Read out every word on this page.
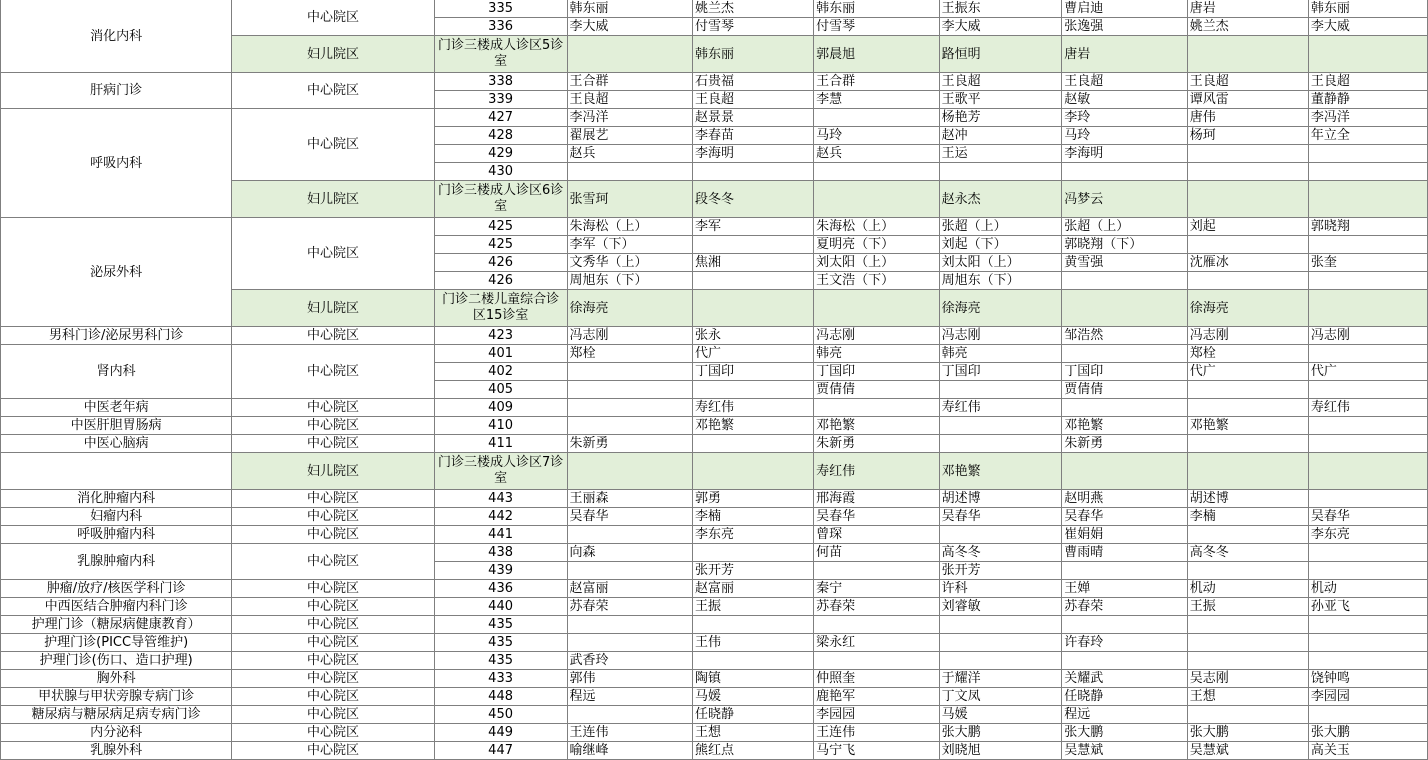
消化内科	中心院区	335	韩东丽	姚兰杰	韩东丽	王振东	曹启迪	唐岩	韩东丽
		336	李大威	付雪琴	付雪琴	李大威	张逸强	姚兰杰	李大威
	妇儿院区	门诊三楼成人诊区5诊室		韩东丽	郭晨旭	路恒明	唐岩		
肝病门诊	中心院区	338	王合群	石贵福	王合群	王良超	王良超	王良超	王良超
		339	王良超	王良超	李慧	王歌平	赵敏	谭风雷	董静静
呼吸内科	中心院区	427	李冯洋	赵景景		杨艳芳	李玲	唐伟	李冯洋
		428	翟展艺	李春苗	马玲	赵冲	马玲	杨珂	年立全
		429	赵兵	李海明	赵兵	王运	李海明		
		430							
	妇儿院区	门诊三楼成人诊区6诊室	张雪珂	段冬冬		赵永杰	冯梦云		
泌尿外科	中心院区	425	朱海松（上）	李军	朱海松（上）	张超（上）	张超（上）	刘起	郭晓翔
		425	李军（下）		夏明亮（下）	刘起（下）	郭晓翔（下）		
		426	文秀华（上）	焦湘	刘太阳（上）	刘太阳（上）	黄雪强	沈雁冰	张奎
		426	周旭东（下）		王文浩（下）	周旭东（下）			
	妇儿院区	门诊二楼儿童综合诊区15诊室	徐海亮			徐海亮		徐海亮	
男科门诊/泌尿男科门诊	中心院区	423	冯志刚	张永	冯志刚	冯志刚	邹浩然	冯志刚	冯志刚
肾内科	中心院区	401	郑栓	代广	韩亮	韩亮		郑栓	
		402		丁国印	丁国印	丁国印	丁国印	代广	代广
		405			贾倩倩		贾倩倩		
中医老年病	中心院区	409		寿红伟		寿红伟			寿红伟
中医肝胆胃肠病	中心院区	410		邓艳繁	邓艳繁		邓艳繁	邓艳繁	
中医心脑病	中心院区	411	朱新勇		朱新勇		朱新勇		
	妇儿院区	门诊三楼成人诊区7诊室			寿红伟	邓艳繁			
消化肿瘤内科	中心院区	443	王丽森	郭勇	邢海霞	胡述博	赵明燕	胡述博	
妇瘤内科	中心院区	442	吴春华	李楠	吴春华	吴春华	吴春华	李楠	吴春华
呼吸肿瘤内科	中心院区	441		李东亮	曾琛		崔娟娟		李东亮
乳腺肿瘤内科	中心院区	438	向森		何苗	高冬冬	曹雨晴	高冬冬	
		439		张开芳		张开芳			
肿瘤/放疗/核医学科门诊	中心院区	436	赵富丽	赵富丽	秦宁	许科	王婵	机动	机动
中西医结合肿瘤内科门诊	中心院区	440	苏春荣	王振	苏春荣	刘睿敏	苏春荣	王振	孙亚飞
护理门诊（糖尿病健康教育）	中心院区	435							
护理门诊(PICC导管维护)	中心院区	435		王伟	梁永红		许春玲		
护理门诊(伤口、造口护理)	中心院区	435	武香玲						
胸外科	中心院区	433	郭伟	陶镇	仲照奎	于耀洋	关耀武	吴志刚	饶钟鸣
甲状腺与甲状旁腺专病门诊	中心院区	448	程远	马媛	鹿艳军	丁文凤	任晓静	王想	李园园
糖尿病与糖尿病足病专病门诊	中心院区	450		任晓静	李园园	马媛	程远		
内分泌科	中心院区	449	王连伟	王想	王连伟	张大鹏	张大鹏	张大鹏	张大鹏
乳腺外科	中心院区	447	喻继峰	熊红点	马宁飞	刘晓旭	吴慧斌	吴慧斌	高关玉
